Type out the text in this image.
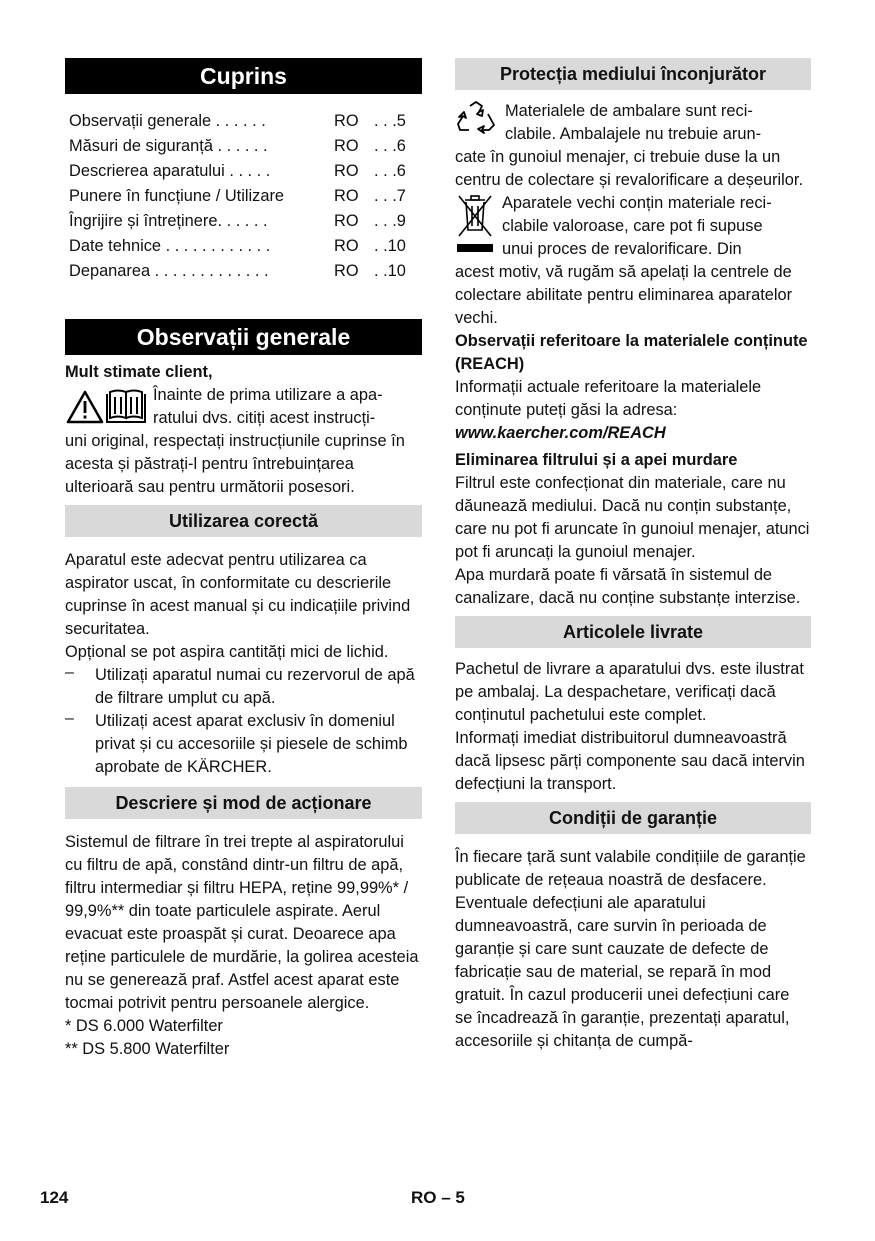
Cuprins
Observații generale . . . . . .	RO . . .5
Măsuri de siguranță . . . . . .	RO . . .6
Descrierea aparatului . . . . .	RO . . .6
Punere în funcțiune / Utilizare	RO . . .7
Îngrijire și întreținere. . . . . .	RO . . .9
Date tehnice . . . . . . . . . . . .	RO . .10
Depanarea . . . . . . . . . . . . .	RO . .10
Observații generale

Mult stimate client,

Înainte de prima utilizare a apa-

ratului dvs. citiți acest instrucți-

uni original, respectați instrucțiunile cuprinse în acesta și păstrați-l pentru întrebuințarea ulterioară sau pentru următorii posesori.

Utilizarea corectă

Aparatul este adecvat pentru utilizarea ca aspirator uscat, în conformitate cu descrierile cuprinse în acest manual și cu indicațiile privind securitatea.

Opțional se pot aspira cantități mici de lichid.

–	Utilizați aparatul numai cu rezervorul de apă de filtrare umplut cu apă.

–	Utilizați acest aparat exclusiv în domeniul privat și cu accesoriile și piesele de schimb aprobate de KÄRCHER.

Descriere și mod de acționare

Sistemul de filtrare în trei trepte al aspiratorului cu filtru de apă, constând dintr-un filtru de apă, filtru intermediar și filtru HEPA, reține 99,99%* / 99,9%** din toate particulele aspirate. Aerul evacuat este proaspăt și curat. Deoarece apa reține particulele de murdărie, la golirea acesteia nu se generează praf. Astfel acest aparat este tocmai potrivit pentru persoanele alergice.

* DS 6.000 Waterfilter

** DS 5.800 Waterfilter

Protecția mediului înconjurător

Materialele de ambalare sunt reci-

clabile. Ambalajele nu trebuie arun-

cate în gunoiul menajer, ci trebuie duse la un centru de colectare și revalorificare a deșeurilor.

Aparatele vechi conțin materiale reci-

clabile valoroase, care pot fi supuse

unui proces de revalorificare. Din

acest motiv, vă rugăm să apelați la centrele de colectare abilitate pentru eliminarea aparatelor vechi.

Observații referitoare la materialele conținute (REACH)

Informații actuale referitoare la materialele conținute puteți găsi la adresa:

www.kaercher.com/REACH

Eliminarea filtrului și a apei murdare

Filtrul este confecționat din materiale, care nu dăunează mediului. Dacă nu conțin substanțe, care nu pot fi aruncate în gunoiul menajer, atunci pot fi aruncați la gunoiul menajer.

Apa murdară poate fi vărsată în sistemul de canalizare, dacă nu conține substanțe interzise.

Articolele livrate

Pachetul de livrare a aparatului dvs. este ilustrat pe ambalaj. La despachetare, verificați dacă conținutul pachetului este complet.

Informați imediat distribuitorul dumneavoastră dacă lipsesc părți componente sau dacă intervin defecțiuni la transport.

Condiții de garanție

În fiecare țară sunt valabile condițiile de garanție publicate de rețeaua noastră de desfacere. Eventuale defecțiuni ale aparatului dumneavoastră, care survin în perioada de garanție și care sunt cauzate de defecte de fabricație sau de material, se repară în mod gratuit. În cazul producerii unei defecțiuni care se încadrează în garanție, prezentați aparatul, accesoriile și chitanța de cumpă-

124	RO – 5
